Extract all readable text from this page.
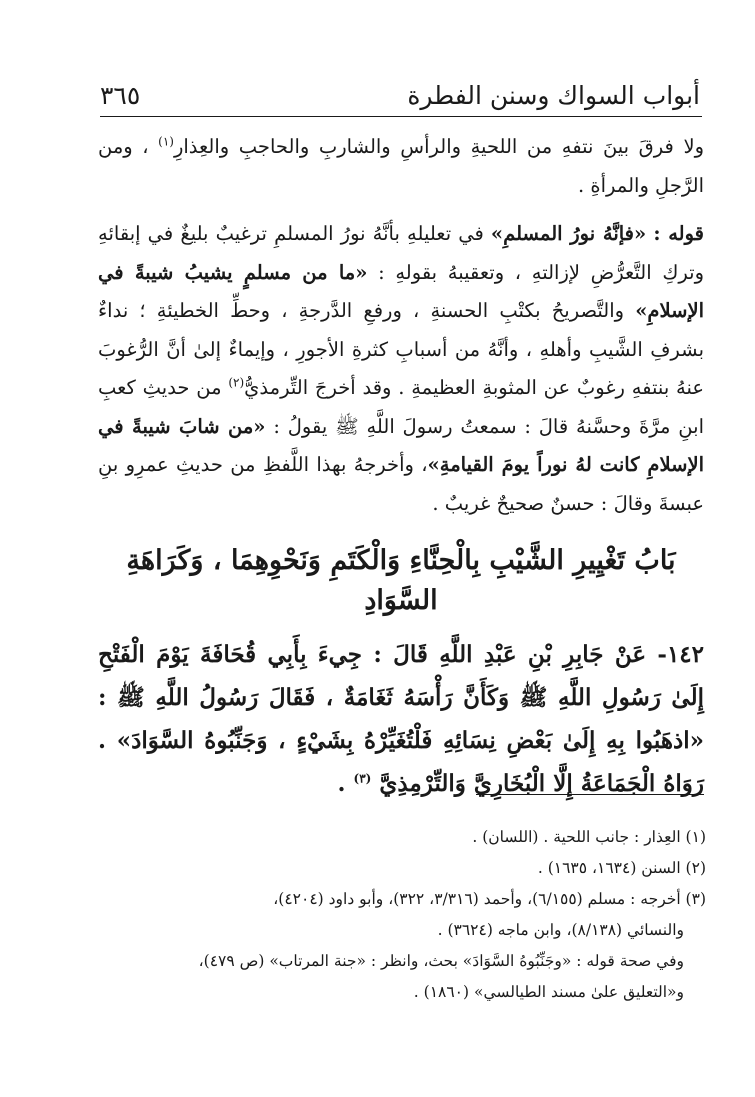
أبواب السواك وسنن الفطرة
٣٦٥

ولا فرقَ بينَ نتفهِ من اللحيةِ والرأسِ والشاربِ والحاجبِ والعِذارِ$^{(١)}$ ، ومن الرَّجلِ والمرأةِ .

قوله : «فإنَّهُ نورُ المسلمِ» في تعليلهِ بأنَّهُ نورُ المسلمِ ترغيبٌ بليغٌ في إبقائهِ وتركِ التَّعرُّضِ لإزالتهِ ، وتعقيبهُ بقولهِ : «ما من مسلمٍ يشيبُ شيبةً في الإسلامِ» والتَّصريحُ بكتْبِ الحسنةِ ، ورفعِ الدَّرجةِ ، وحطِّ الخطيئةِ ؛ نداءٌ بشرفِ الشَّيبِ وأهلهِ ، وأنَّهُ من أسبابِ كثرةِ الأجورِ ، وإيماءٌ إلىٰ أنَّ الرُّغوبَ عنهُ بنتفهِ رغوبٌ عن المثوبةِ العظيمةِ . وقد أخرجَ التِّرمذيُّ$^{(٢)}$ من حديثِ كعبِ ابنِ مرَّةَ وحسَّنهُ قالَ : سمعتُ رسولَ اللَّهِ ﷺ يقولُ : «من شابَ شيبةً في الإسلامِ كانت لهُ نوراً يومَ القيامةِ»، وأخرجهُ بهذا اللَّفظِ من حديثِ عمرِو بنِ عبسةَ وقالَ : حسنٌ صحيحٌ غريبٌ .

بَابُ تَغْيِيرِ الشَّيْبِ بِالْحِنَّاءِ وَالْكَتَمِ وَنَحْوِهِمَا ، وَكَرَاهَةِ السَّوَادِ

١٤٢- عَنْ جَابِرِ بْنِ عَبْدِ اللَّهِ قَالَ : جِيءَ بِأَبِي قُحَافَةَ يَوْمَ الْفَتْحِ إِلَىٰ رَسُولِ اللَّهِ ﷺ وَكَأَنَّ رَأْسَهُ ثَغَامَةٌ ، فَقَالَ رَسُولُ اللَّهِ ﷺ : «اذهَبُوا بِهِ إِلَىٰ بَعْضِ نِسَائِهِ فَلْتُغَيِّرْهُ بِشَيْءٍ ، وَجَنِّبُوهُ السَّوَادَ» . رَوَاهُ الْجَمَاعَةُ إِلَّا الْبُخَارِيَّ وَالتِّرْمِذِيَّ $^{(٣)}$ .

(١) العِذار : جانب اللحية . (اللسان) .

(٢) السنن (١٦٣٤، ١٦٣٥) .

(٣) أخرجه : مسلم (٦/١٥٥)، وأحمد (٣/٣١٦، ٣٢٢)، وأبو داود (٤٢٠٤)،

والنسائي (٨/١٣٨)، وابن ماجه (٣٦٢٤) .

وفي صحة قوله : «وجَنِّبُوهُ السَّوَادَ» بحث، وانظر : «جنة المرتاب» (ص ٤٧٩)،

و«التعليق علىٰ مسند الطيالسي» (١٨٦٠) .
